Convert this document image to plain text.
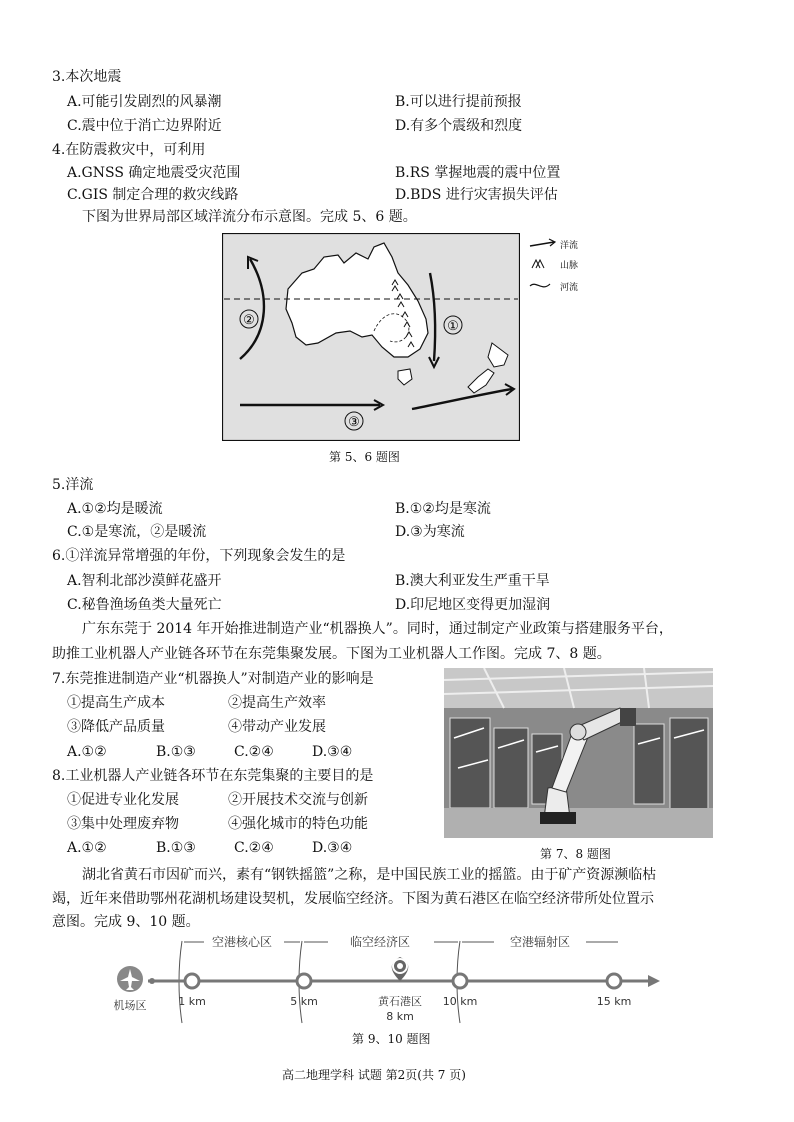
3.本次地震
A.可能引发剧烈的风暴潮	B.可以进行提前预报
C.震中位于消亡边界附近	D.有多个震级和烈度
4.在防震救灾中，可利用
A.GNSS 确定地震受灾范围	B.RS 掌握地震的震中位置
C.GIS 制定合理的救灾线路	D.BDS 进行灾害损失评估
下图为世界局部区域洋流分布示意图。完成 5、6 题。
①
②
③
洋流
山脉
河流
第 5、6 题图
5.洋流
A.①②均是暖流	B.①②均是寒流
C.①是寒流，②是暖流	D.③为寒流
6.①洋流异常增强的年份，下列现象会发生的是
A.智利北部沙漠鲜花盛开	B.澳大利亚发生严重干旱
C.秘鲁渔场鱼类大量死亡	D.印尼地区变得更加湿润
广东东莞于 2014 年开始推进制造产业“机器换人”。同时，通过制定产业政策与搭建服务平台，
助推工业机器人产业链各环节在东莞集聚发展。下图为工业机器人工作图。完成 7、8 题。
7.东莞推进制造产业“机器换人”对制造产业的影响是
①提高生产成本	②提高生产效率
③降低产品质量	④带动产业发展
A.①②	B.①③	C.②④	D.③④
8.工业机器人产业链各环节在东莞集聚的主要目的是
①促进专业化发展	②开展技术交流与创新
③集中处理废弃物	④强化城市的特色功能
A.①②	B.①③	C.②④	D.③④	第 7、8 题图
湖北省黄石市因矿而兴，素有“钢铁摇篮”之称，是中国民族工业的摇篮。由于矿产资源濒临枯
竭，近年来借助鄂州花湖机场建设契机，发展临空经济。下图为黄石港区在临空经济带所处位置示
意图。完成 9、10 题。
空港核心区	临空经济区	空港辐射区
机场区	1 km	5 km	黄石港区
8 km
10 km	15 km
第 9、10 题图
高二地理学科 试题 第2页(共 7 页)
